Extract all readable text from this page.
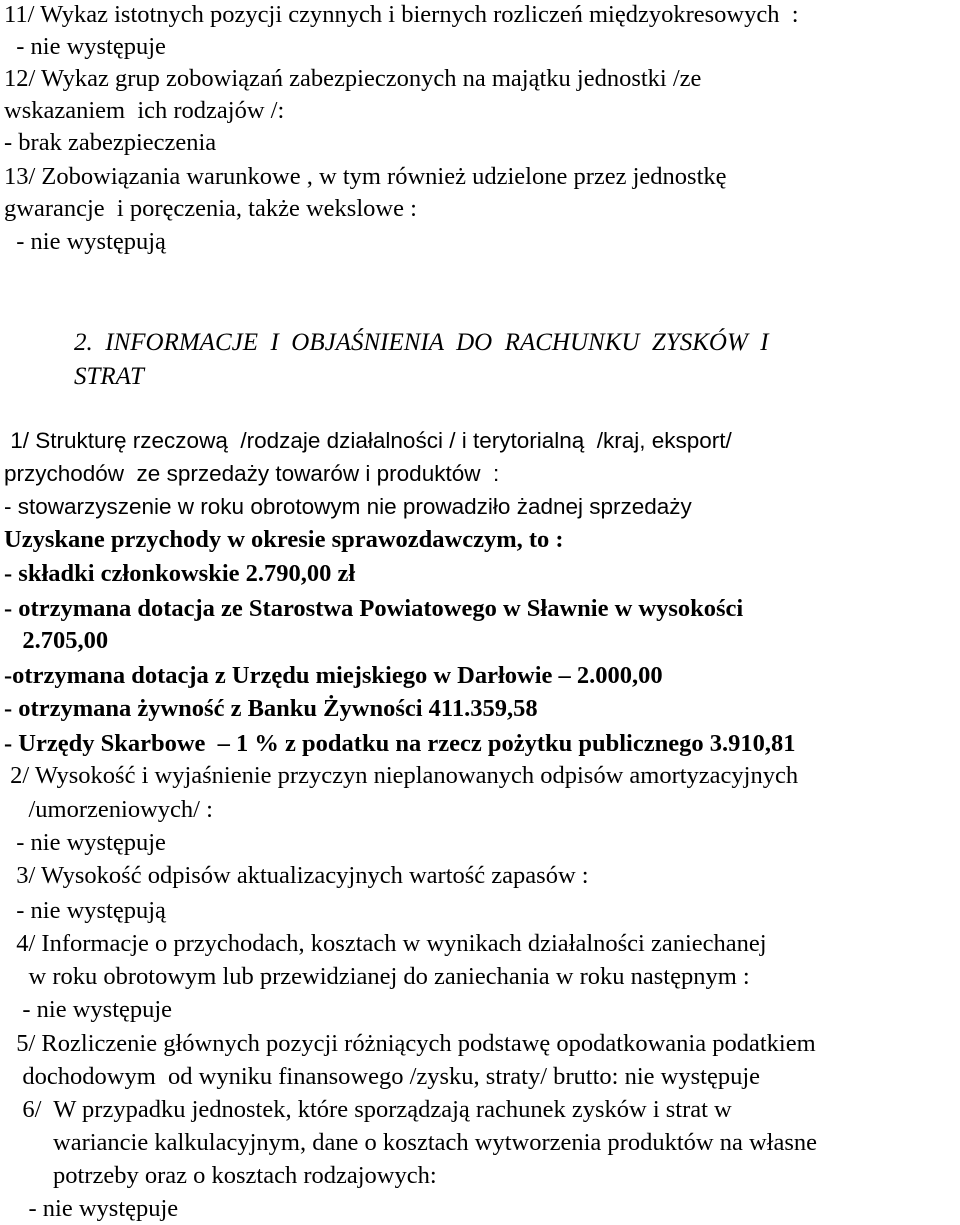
11/ Wykaz istotnych pozycji czynnych i biernych rozliczeń międzyokresowych  :
- nie występuje
12/ Wykaz grup zobowiązań zabezpieczonych na majątku jednostki /ze
wskazaniem  ich rodzajów /:
- brak zabezpieczenia
13/ Zobowiązania warunkowe , w tym również udzielone przez jednostkę
gwarancje  i poręczenia, także wekslowe :
- nie występują
2.  INFORMACJE  I  OBJAŚNIENIA  DO  RACHUNKU  ZYSKÓW  I
STRAT
1/ Strukturę rzeczową  /rodzaje działalności / i terytorialną  /kraj, eksport/
przychodów  ze sprzedaży towarów i produktów  :
- stowarzyszenie w roku obrotowym nie prowadziło żadnej sprzedaży
Uzyskane przychody w okresie sprawozdawczym, to :
- składki członkowskie 2.790,00 zł
- otrzymana dotacja ze Starostwa Powiatowego w Sławnie w wysokości
2.705,00
-otrzymana dotacja z Urzędu miejskiego w Darłowie – 2.000,00
- otrzymana żywność z Banku Żywności 411.359,58
- Urzędy Skarbowe  – 1 % z podatku na rzecz pożytku publicznego 3.910,81
2/ Wysokość i wyjaśnienie przyczyn nieplanowanych odpisów amortyzacyjnych
/umorzeniowych/ :
- nie występuje
3/ Wysokość odpisów aktualizacyjnych wartość zapasów :
- nie występują
4/ Informacje o przychodach, kosztach w wynikach działalności zaniechanej
w roku obrotowym lub przewidzianej do zaniechania w roku następnym :
- nie występuje
5/ Rozliczenie głównych pozycji różniących podstawę opodatkowania podatkiem
dochodowym  od wyniku finansowego /zysku, straty/ brutto: nie występuje
6/  W przypadku jednostek, które sporządzają rachunek zysków i strat w
wariancie kalkulacyjnym, dane o kosztach wytworzenia produktów na własne
potrzeby oraz o kosztach rodzajowych:
- nie występuje
